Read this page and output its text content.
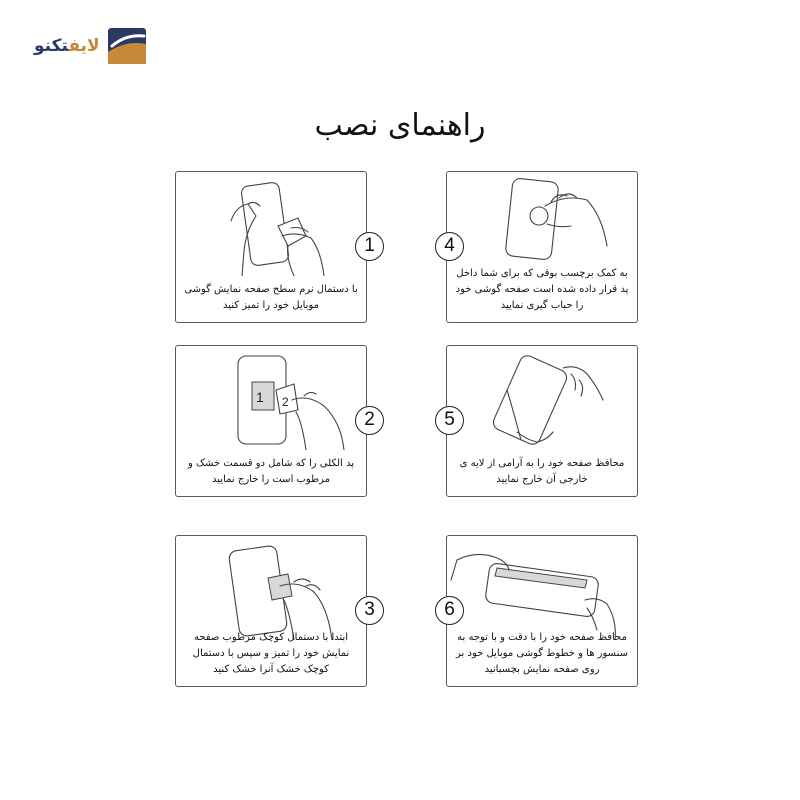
لایفتکنو
راهنمای نصب
1
با دستمال نرم سطح صفحه نمایش گوشی موبایل خود را تمیز کنید
1 2
2
پد الکلی را که شامل دو قسمت خشک و مرطوب است را خارج نمایید
3
ابتدا با دستمال کوچک مرطوب صفحه نمایش خود را تمیز و سپس با دستمال کوچک خشک آنرا خشک کنید
4
به کمک برچسب بوقی که برای شما داخل پد قرار داده شده است صفحه گوشی خود را حباب گیری نمایید
5
محافظ صفحه خود را به آرامی از لایه ی خارجی آن خارج نمایید
6
محافظ صفحه خود را با دقت و با توجه به سنسور ها و خطوط گوشی موبایل خود بر روی صفحه نمایش بچسبانید
